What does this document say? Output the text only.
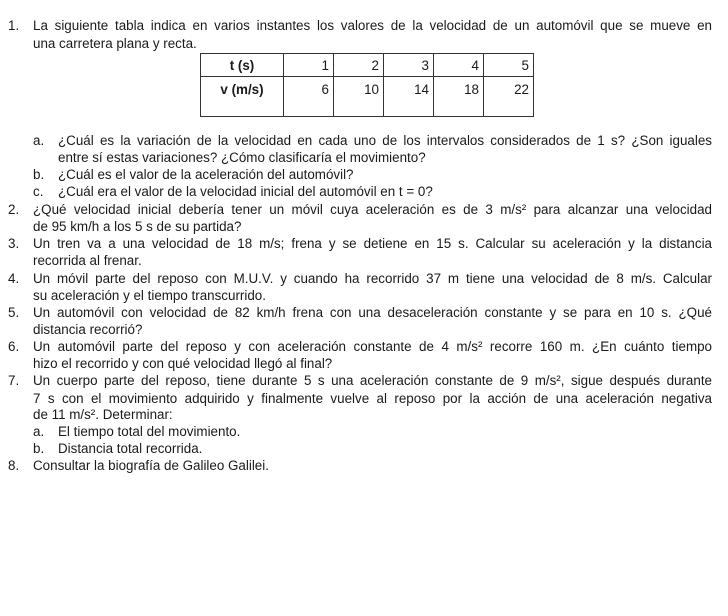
1. La siguiente tabla indica en varios instantes los valores de la velocidad de un automóvil que se mueve en
una carretera plana y recta.
a. ¿Cuál es la variación de la velocidad en cada uno de los intervalos considerados de 1 s? ¿Son iguales
entre sí estas variaciones? ¿Cómo clasificaría el movimiento?
b. ¿Cuál es el valor de la aceleración del automóvil?
c. ¿Cuál era el valor de la velocidad inicial del automóvil en t = 0?
2. ¿Qué velocidad inicial debería tener un móvil cuya aceleración es de 3 m/s² para alcanzar una velocidad
de 95 km/h a los 5 s de su partida?
3. Un tren va a una velocidad de 18 m/s; frena y se detiene en 15 s. Calcular su aceleración y la distancia
recorrida al frenar.
4. Un móvil parte del reposo con M.U.V. y cuando ha recorrido 37 m tiene una velocidad de 8 m/s. Calcular
su aceleración y el tiempo transcurrido.
5. Un automóvil con velocidad de 82 km/h frena con una desaceleración constante y se para en 10 s. ¿Qué
distancia recorrió?
6. Un automóvil parte del reposo y con aceleración constante de 4 m/s² recorre 160 m. ¿En cuánto tiempo
hizo el recorrido y con qué velocidad llegó al final?
7. Un cuerpo parte del reposo, tiene durante 5 s una aceleración constante de 9 m/s², sigue después durante
7 s con el movimiento adquirido y finalmente vuelve al reposo por la acción de una aceleración negativa
de 11 m/s². Determinar:
a. El tiempo total del movimiento.
b. Distancia total recorrida.
8. Consultar la biografía de Galileo Galilei.
t (s)	1	2	3	4	5
v (m/s)	6	10	14	18	22
